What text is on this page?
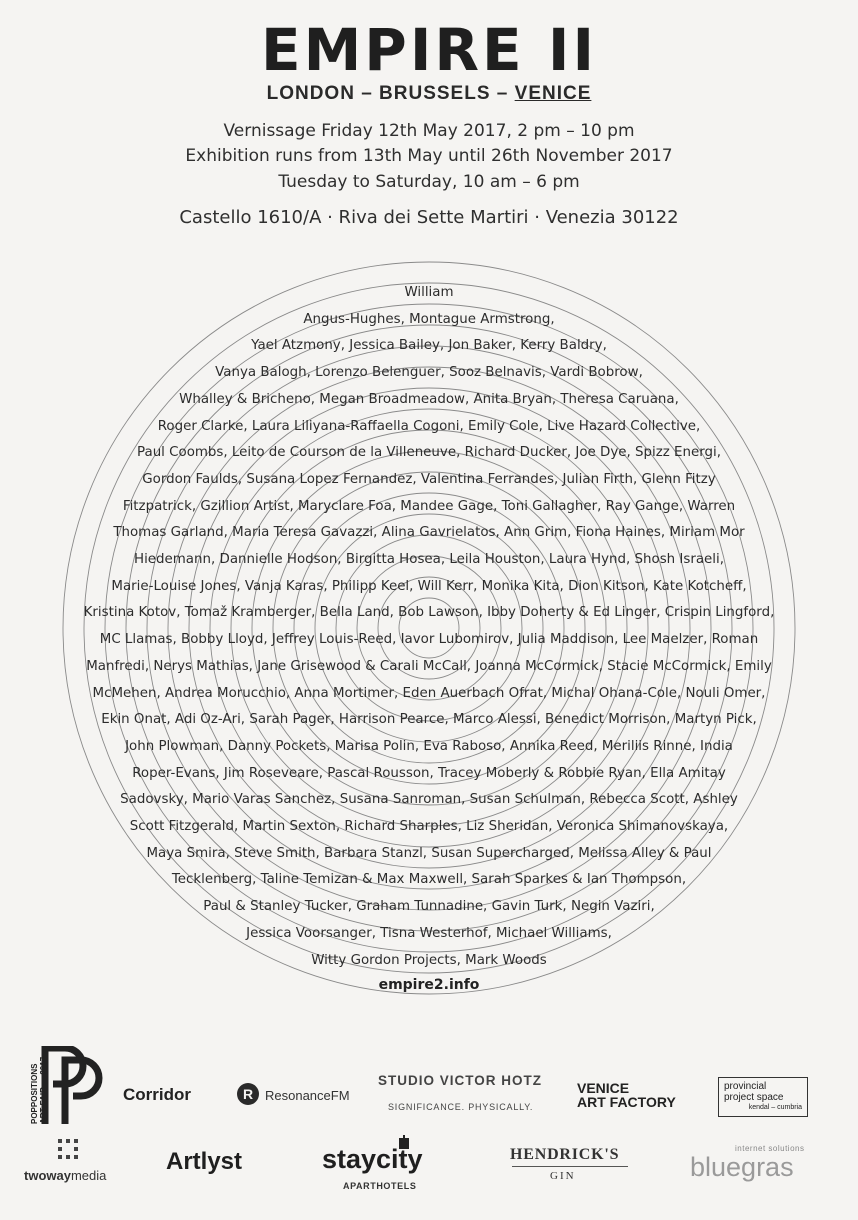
EMPIRE II
LONDON – BRUSSELS – VENICE
Vernissage Friday 12th May 2017, 2 pm – 10 pm
Exhibition runs from 13th May until 26th November 2017
Tuesday to Saturday, 10 am – 6 pm
Castello 1610/A · Riva dei Sette Martiri · Venezia 30122
William
Angus-Hughes, Montague Armstrong,
Yael Atzmony, Jessica Bailey, Jon Baker, Kerry Baldry,
Vanya Balogh, Lorenzo Belenguer, Sooz Belnavis, Vardi Bobrow,
Whalley & Bricheno, Megan Broadmeadow, Anita Bryan, Theresa Caruana,
Roger Clarke, Laura Liliyana-Raffaella Cogoni, Emily Cole, Live Hazard Collective,
Paul Coombs, Leito de Courson de la Villeneuve, Richard Ducker, Joe Dye, Spizz Energi,
Gordon Faulds, Susana Lopez Fernandez, Valentina Ferrandes, Julian Firth, Glenn Fitzy
Fitzpatrick, Gzillion Artist, Maryclare Foa, Mandee Gage, Toni Gallagher, Ray Gange, Warren
Thomas Garland, Maria Teresa Gavazzi, Alina Gavrielatos, Ann Grim, Fiona Haines, Miriam Mor
Hiedemann, Dannielle Hodson, Birgitta Hosea, Leila Houston, Laura Hynd, Shosh Israeli,
Marie-Louise Jones, Vanja Karas, Philipp Keel, Will Kerr, Monika Kita, Dion Kitson, Kate Kotcheff,
Kristina Kotov, Tomaž Kramberger, Bella Land, Bob Lawson, Ibby Doherty & Ed Linger, Crispin Lingford,
MC Llamas, Bobby Lloyd, Jeffrey Louis-Reed, Iavor Lubomirov, Julia Maddison, Lee Maelzer, Roman
Manfredi, Nerys Mathias, Jane Grisewood & Carali McCall, Joanna McCormick, Stacie McCormick, Emily
McMehen, Andrea Morucchio, Anna Mortimer, Eden Auerbach Ofrat, Michal Ohana-Cole, Nouli Omer,
Ekin Onat, Adi Oz-Ari, Sarah Pager, Harrison Pearce, Marco Alessi, Benedict Morrison, Martyn Pick,
John Plowman, Danny Pockets, Marisa Polin, Eva Raboso, Annika Reed, Meriliis Rinne, India
Roper-Evans, Jim Roseveare, Pascal Rousson, Tracey Moberly & Robbie Ryan, Ella Amitay
Sadovsky, Mario Varas Sanchez, Susana Sanroman, Susan Schulman, Rebecca Scott, Ashley
Scott Fitzgerald, Martin Sexton, Richard Sharples, Liz Sheridan, Veronica Shimanovskaya,
Maya Smira, Steve Smith, Barbara Stanzl, Susan Supercharged, Melissa Alley & Paul
Tecklenberg, Taline Temizan & Max Maxwell, Sarah Sparkes & Ian Thompson,
Paul & Stanley Tucker, Graham Tunnadine, Gavin Turk, Negin Vaziri,
Jessica Voorsanger, Tisna Westerhof, Michael Williams,
Witty Gordon Projects, Mark Woods
empire2.info
POPPOSITIONS ART FAIR — 2017	Corridor	R ResonanceFM
STUDIO VICTOR HOTZ
SIGNIFICANCE. PHYSICALLY.
VENICE
ART FACTORY
provincial
project space
kendal – cumbria
twowaymedia
Artlyst	staycity
APARTHOTELS
HENDRICK'S
GIN
internet solutions
bluegras
